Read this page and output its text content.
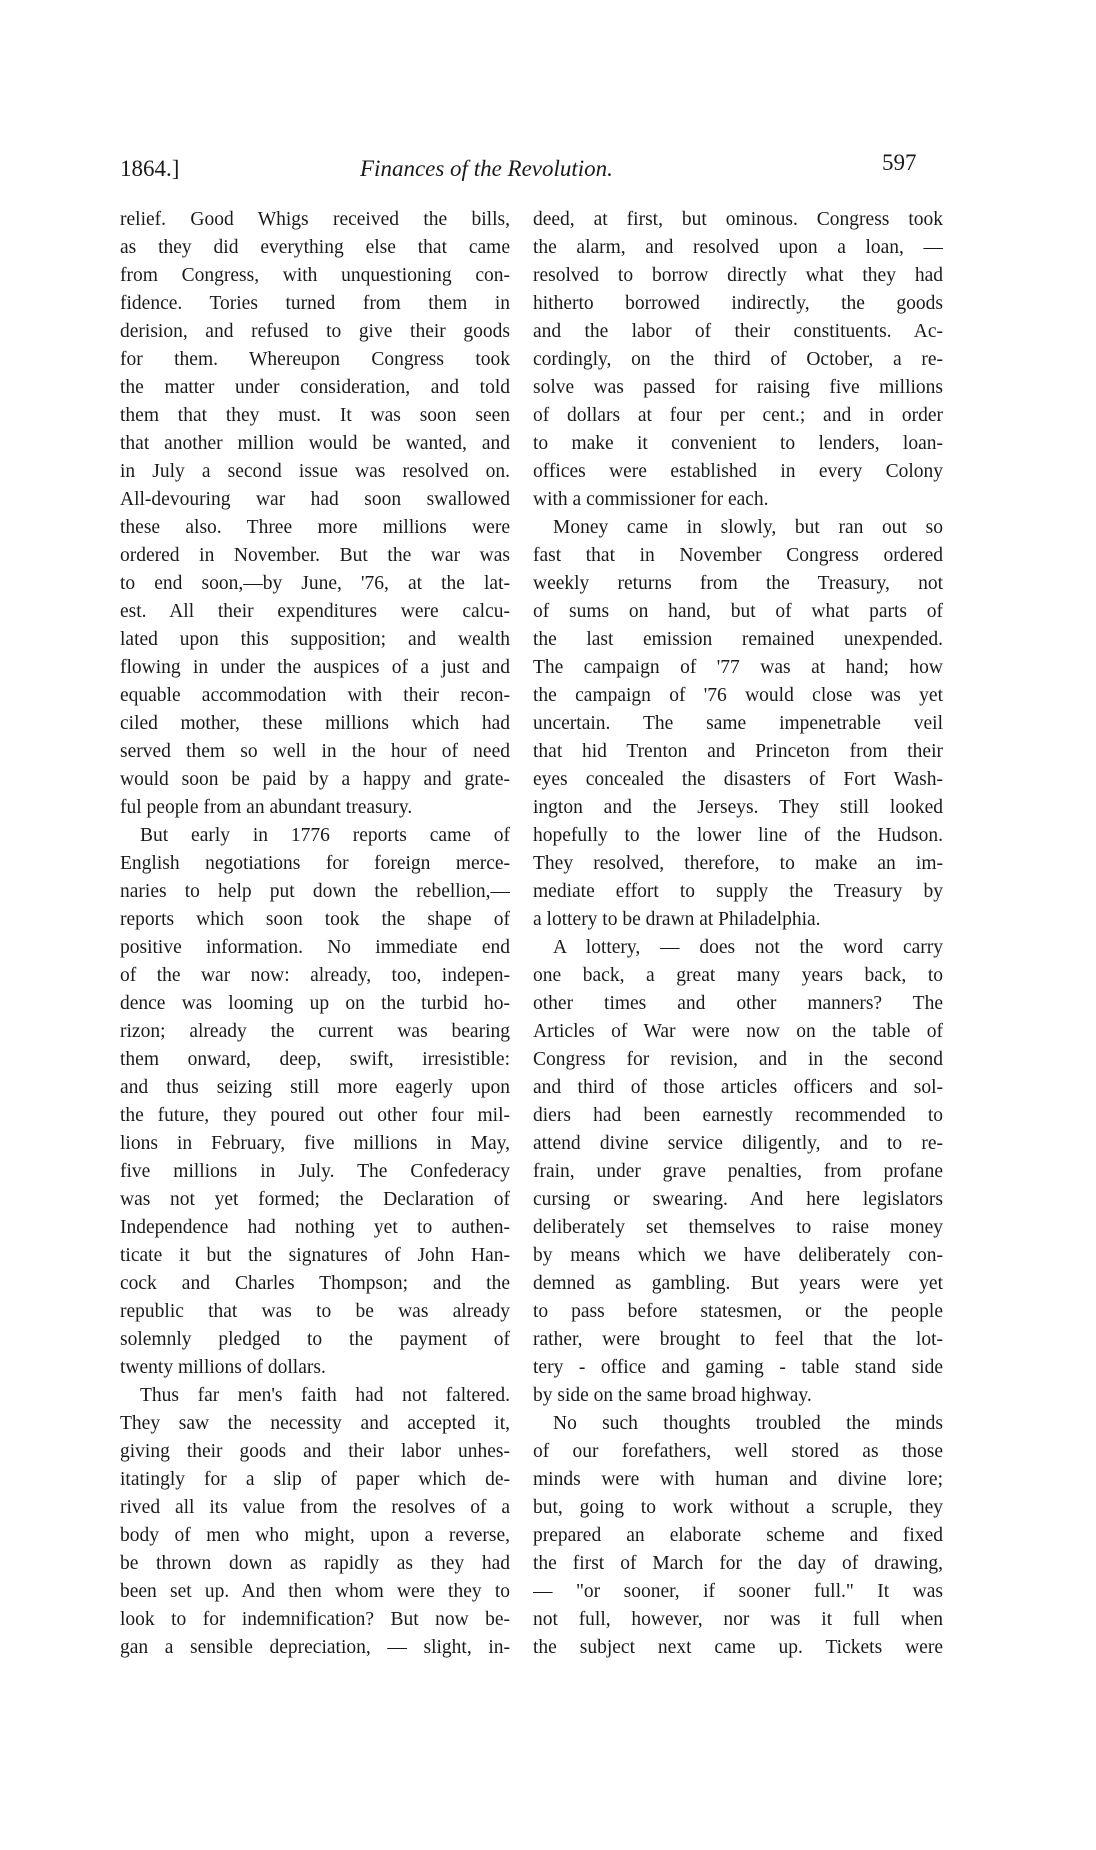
1864.]	Finances of the Revolution.	597
relief. Good Whigs received the bills,
as they did everything else that came
from Congress, with unquestioning con-
fidence. Tories turned from them in
derision, and refused to give their goods
for them. Whereupon Congress took
the matter under consideration, and told
them that they must. It was soon seen
that another million would be wanted, and
in July a second issue was resolved on.
All-devouring war had soon swallowed
these also. Three more millions were
ordered in November. But the war was
to end soon,—by June, '76, at the lat-
est. All their expenditures were calcu-
lated upon this supposition; and wealth
flowing in under the auspices of a just and
equable accommodation with their recon-
ciled mother, these millions which had
served them so well in the hour of need
would soon be paid by a happy and grate-
ful people from an abundant treasury.
But early in 1776 reports came of
English negotiations for foreign merce-
naries to help put down the rebellion,—
reports which soon took the shape of
positive information. No immediate end
of the war now: already, too, indepen-
dence was looming up on the turbid ho-
rizon; already the current was bearing
them onward, deep, swift, irresistible:
and thus seizing still more eagerly upon
the future, they poured out other four mil-
lions in February, five millions in May,
five millions in July. The Confederacy
was not yet formed; the Declaration of
Independence had nothing yet to authen-
ticate it but the signatures of John Han-
cock and Charles Thompson; and the
republic that was to be was already
solemnly pledged to the payment of
twenty millions of dollars.
Thus far men's faith had not faltered.
They saw the necessity and accepted it,
giving their goods and their labor unhes-
itatingly for a slip of paper which de-
rived all its value from the resolves of a
body of men who might, upon a reverse,
be thrown down as rapidly as they had
been set up. And then whom were they to
look to for indemnification? But now be-
gan a sensible depreciation, — slight, in-
deed, at first, but ominous. Congress took
the alarm, and resolved upon a loan, —
resolved to borrow directly what they had
hitherto borrowed indirectly, the goods
and the labor of their constituents. Ac-
cordingly, on the third of October, a re-
solve was passed for raising five millions
of dollars at four per cent.; and in order
to make it convenient to lenders, loan-
offices were established in every Colony
with a commissioner for each.
Money came in slowly, but ran out so
fast that in November Congress ordered
weekly returns from the Treasury, not
of sums on hand, but of what parts of
the last emission remained unexpended.
The campaign of '77 was at hand; how
the campaign of '76 would close was yet
uncertain. The same impenetrable veil
that hid Trenton and Princeton from their
eyes concealed the disasters of Fort Wash-
ington and the Jerseys. They still looked
hopefully to the lower line of the Hudson.
They resolved, therefore, to make an im-
mediate effort to supply the Treasury by
a lottery to be drawn at Philadelphia.
A lottery, — does not the word carry
one back, a great many years back, to
other times and other manners? The
Articles of War were now on the table of
Congress for revision, and in the second
and third of those articles officers and sol-
diers had been earnestly recommended to
attend divine service diligently, and to re-
frain, under grave penalties, from profane
cursing or swearing. And here legislators
deliberately set themselves to raise money
by means which we have deliberately con-
demned as gambling. But years were yet
to pass before statesmen, or the people
rather, were brought to feel that the lot-
tery - office and gaming - table stand side
by side on the same broad highway.
No such thoughts troubled the minds
of our forefathers, well stored as those
minds were with human and divine lore;
but, going to work without a scruple, they
prepared an elaborate scheme and fixed
the first of March for the day of drawing,
— "or sooner, if sooner full." It was
not full, however, nor was it full when
the subject next came up. Tickets were
